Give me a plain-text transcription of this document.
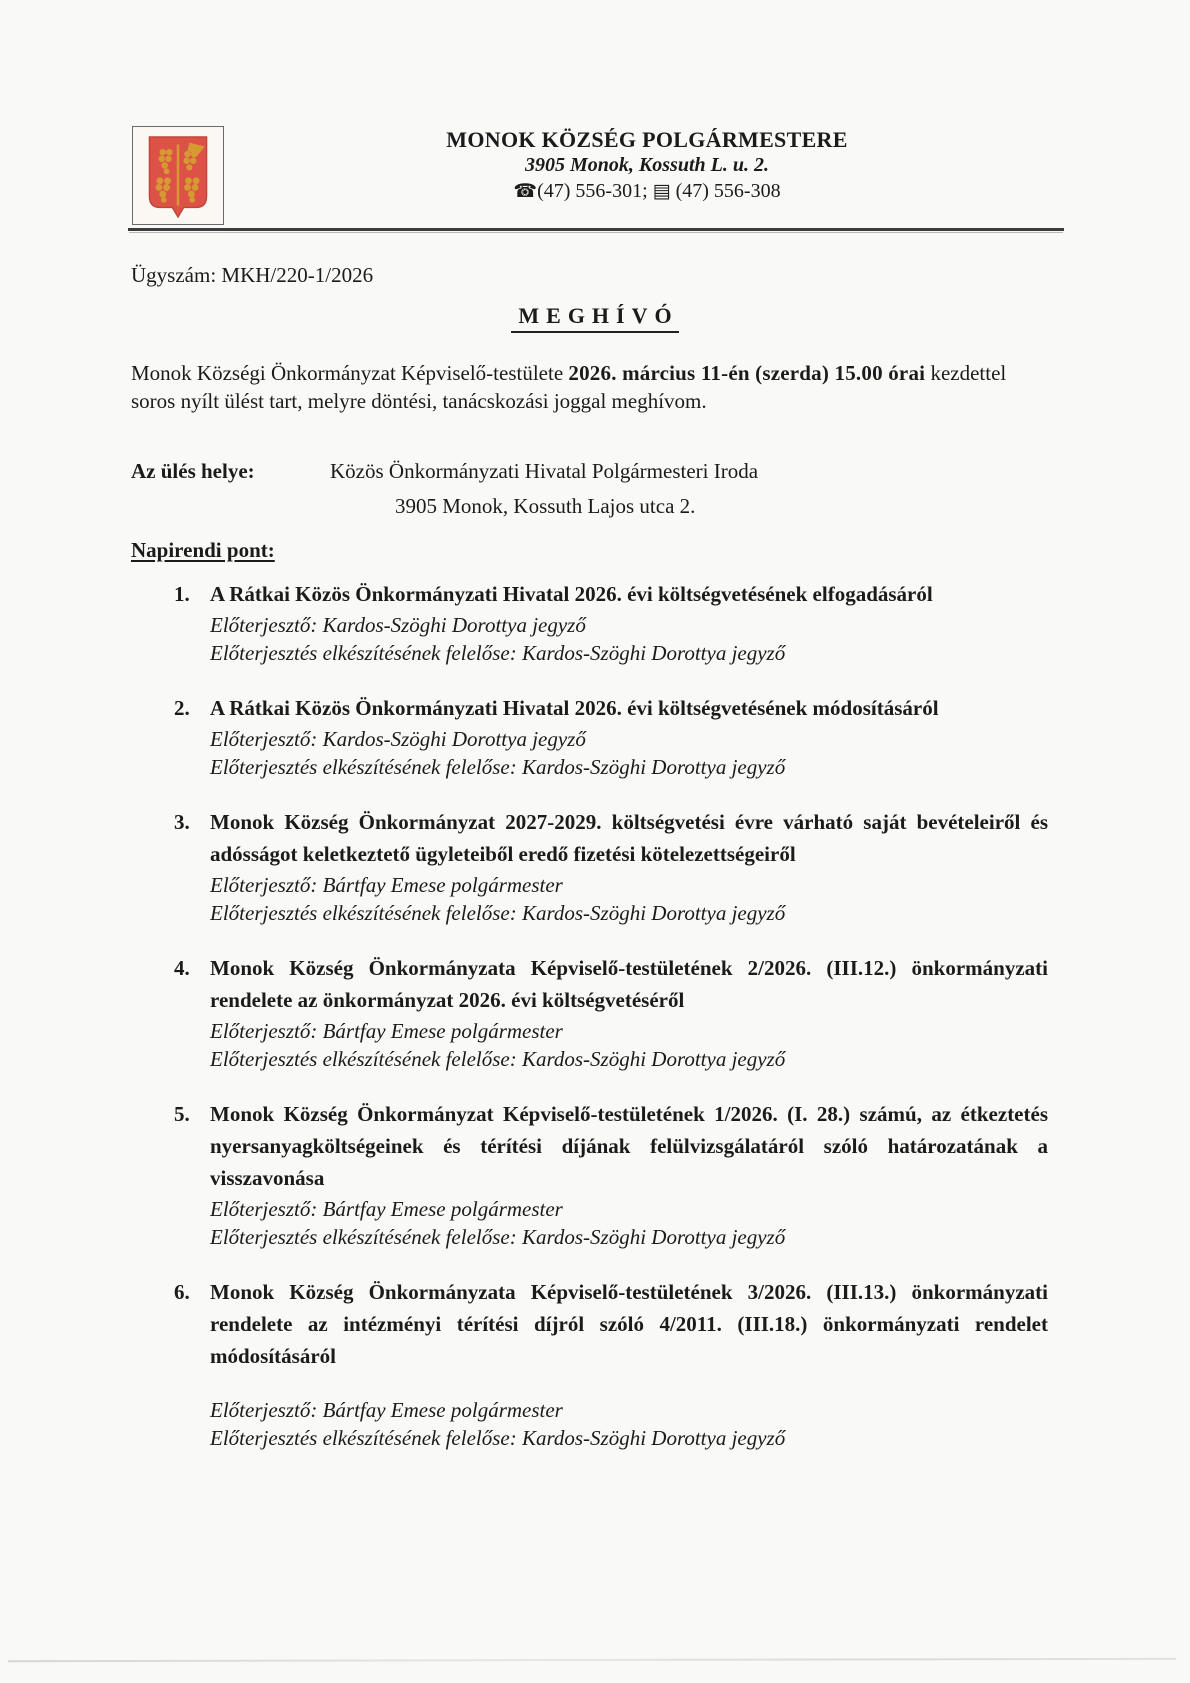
MONOK KÖZSÉG POLGÁRMESTERE
3905 Monok, Kossuth L. u. 2.
☎(47) 556-301; ▤ (47) 556-308
Ügyszám: MKH/220-1/2026
MEGHÍVÓ

Monok Községi Önkormányzat Képviselő-testülete 2026. március 11-én (szerda) 15.00 órai kezdettel soros nyílt ülést tart, melyre döntési, tanácskozási joggal meghívom.

Az ülés helye:	Közös Önkormányzati Hivatal Polgármesteri Iroda
3905 Monok, Kossuth Lajos utca 2.
Napirendi pont:
1. A Rátkai Közös Önkormányzati Hivatal 2026. évi költségvetésének elfogadásáról
Előterjesztő: Kardos-Szöghi Dorottya jegyző
Előterjesztés elkészítésének felelőse: Kardos-Szöghi Dorottya jegyző
2. A Rátkai Közös Önkormányzati Hivatal 2026. évi költségvetésének módosításáról
Előterjesztő: Kardos-Szöghi Dorottya jegyző
Előterjesztés elkészítésének felelőse: Kardos-Szöghi Dorottya jegyző
3. Monok Község Önkormányzat 2027-2029. költségvetési évre várható saját bevételeiről és adósságot keletkeztető ügyleteiből eredő fizetési kötelezettségeiről
Előterjesztő: Bártfay Emese polgármester
Előterjesztés elkészítésének felelőse: Kardos-Szöghi Dorottya jegyző
4. Monok Község Önkormányzata Képviselő-testületének 2/2026. (III.12.) önkormányzati rendelete az önkormányzat 2026. évi költségvetéséről
Előterjesztő: Bártfay Emese polgármester
Előterjesztés elkészítésének felelőse: Kardos-Szöghi Dorottya jegyző
5. Monok Község Önkormányzat Képviselő-testületének 1/2026. (I. 28.) számú, az étkeztetés nyersanyagköltségeinek és térítési díjának felülvizsgálatáról szóló határozatának a visszavonása
Előterjesztő: Bártfay Emese polgármester
Előterjesztés elkészítésének felelőse: Kardos-Szöghi Dorottya jegyző
6. Monok Község Önkormányzata Képviselő-testületének 3/2026. (III.13.) önkormányzati rendelete az intézményi térítési díjról szóló 4/2011. (III.18.) önkormányzati rendelet módosításáról
Előterjesztő: Bártfay Emese polgármester
Előterjesztés elkészítésének felelőse: Kardos-Szöghi Dorottya jegyző
